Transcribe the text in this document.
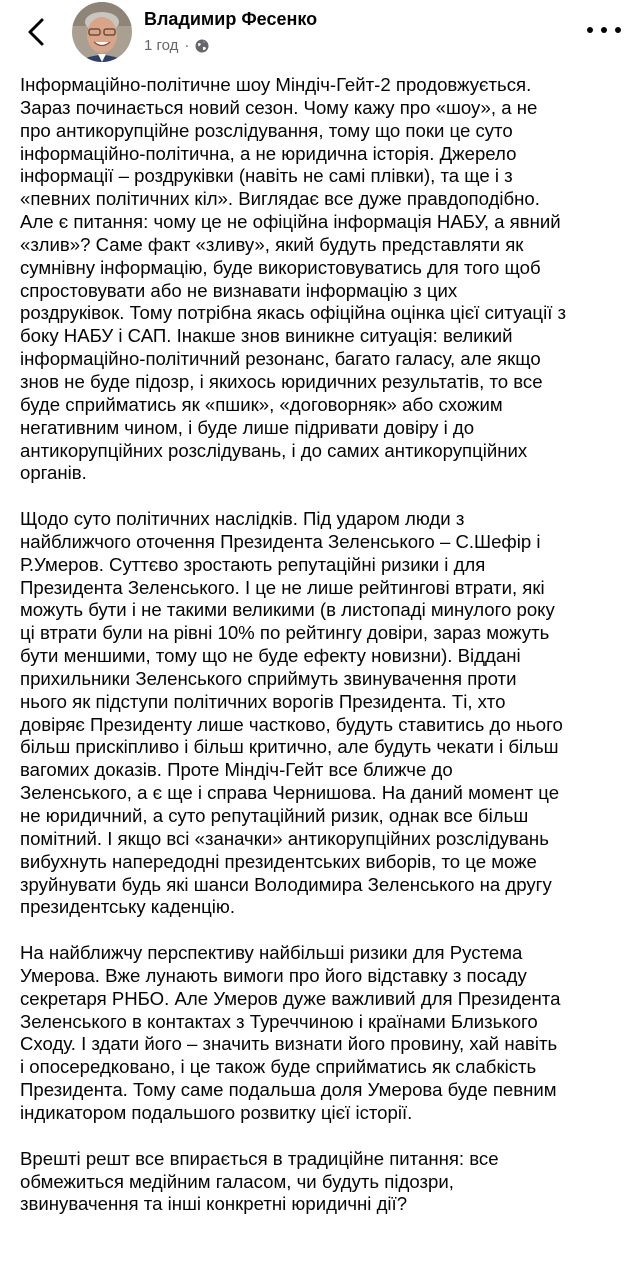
Владимир Фесенко
1 год ·

Інформаційно-політичне шоу Міндіч-Гейт-2 продовжується.
Зараз починається новий сезон. Чому кажу про «шоу», а не
про антикорупційне розслідування, тому що поки це суто
інформаційно-політична, а не юридична історія. Джерело
інформації – роздруківки (навіть не самі плівки), та ще і з
«певних політичних кіл». Виглядає все дуже правдоподібно.
Але є питання: чому це не офіційна інформація НАБУ, а явний
«злив»? Саме факт «зливу», який будуть представляти як
сумнівну інформацію, буде використовуватись для того щоб
спростовувати або не визнавати інформацію з цих
роздруківок. Тому потрібна якась офіційна оцінка цієї ситуації з
боку НАБУ і САП. Інакше знов виникне ситуація: великий
інформаційно-політичний резонанс, багато галасу, але якщо
знов не буде підозр, і якихось юридичних результатів, то все
буде сприйматись як «пшик», «договорняк» або схожим
негативним чином, і буде лише підривати довіру і до
антикорупційних розслідувань, і до самих антикорупційних
органів.

Щодо суто політичних наслідків. Під ударом люди з
найближчого оточення Президента Зеленського – С.Шефір і
Р.Умеров. Суттєво зростають репутаційні ризики і для
Президента Зеленського. І це не лише рейтингові втрати, які
можуть бути і не такими великими (в листопаді минулого року
ці втрати були на рівні 10% по рейтингу довіри, зараз можуть
бути меншими, тому що не буде ефекту новизни). Віддані
прихильники Зеленського сприймуть звинувачення проти
нього як підступи політичних ворогів Президента. Ті, хто
довіряє Президенту лише частково, будуть ставитись до нього
більш прискіпливо і більш критично, але будуть чекати і більш
вагомих доказів. Проте Міндіч-Гейт все ближче до
Зеленського, а є ще і справа Чернишова. На даний момент це
не юридичний, а суто репутаційний ризик, однак все більш
помітний. І якщо всі «заначки» антикорупційних розслідувань
вибухнуть напередодні президентських виборів, то це може
зруйнувати будь які шанси Володимира Зеленського на другу
президентську каденцію.

На найближчу перспективу найбільші ризики для Рустема
Умерова. Вже лунають вимоги про його відставку з посаду
секретаря РНБО. Але Умеров дуже важливий для Президента
Зеленського в контактах з Туреччиною і країнами Близького
Сходу. І здати його – значить визнати його провину, хай навіть
і опосередковано, і це також буде сприйматись як слабкість
Президента. Тому саме подальша доля Умерова буде певним
індикатором подальшого розвитку цієї історії.

Врешті решт все впирається в традиційне питання: все
обмежиться медійним галасом, чи будуть підозри,
звинувачення та інші конкретні юридичні дії?
